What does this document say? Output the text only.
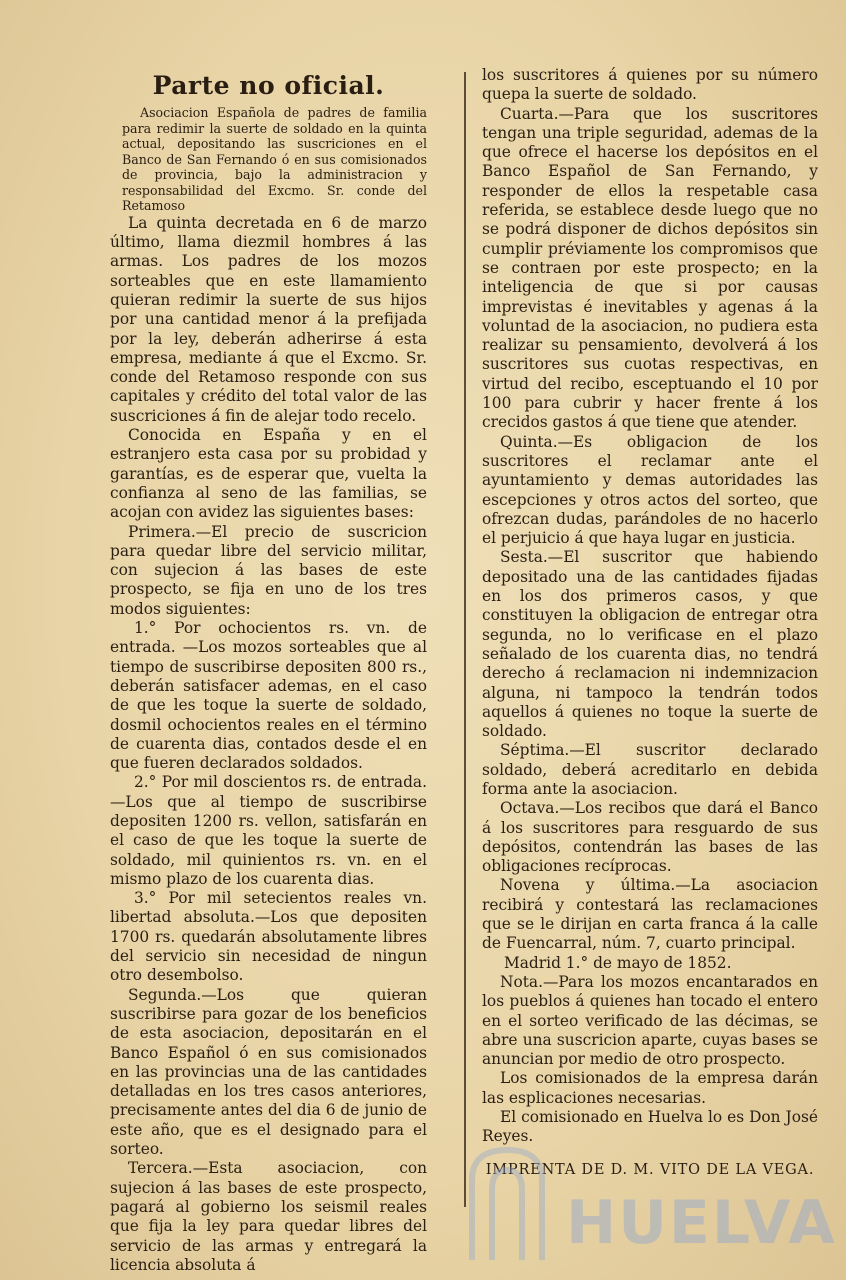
Parte no oficial.

Asociacion Española de padres de familia para redimir la suerte de soldado en la quinta actual, depositando las suscriciones en el Banco de San Fernando ó en sus comisionados de provincia, bajo la administracion y responsabilidad del Excmo. Sr. conde del Retamoso

La quinta decretada en 6 de marzo último, llama diezmil hombres á las armas. Los padres de los mozos sorteables que en este llamamiento quieran redimir la suerte de sus hijos por una cantidad menor á la prefijada por la ley, deberán adherirse á esta empresa, mediante á que el Excmo. Sr. conde del Retamoso responde con sus capitales y crédito del total valor de las suscriciones á fin de alejar todo recelo.

Conocida en España y en el estranjero esta casa por su probidad y garantías, es de esperar que, vuelta la confianza al seno de las familias, se acojan con avidez las siguientes bases:

Primera.—El precio de suscricion para quedar libre del servicio militar, con sujecion á las bases de este prospecto, se fija en uno de los tres modos siguientes:

1.° Por ochocientos rs. vn. de entrada. —Los mozos sorteables que al tiempo de suscribirse depositen 800 rs., deberán satisfacer ademas, en el caso de que les toque la suerte de soldado, dosmil ochocientos reales en el término de cuarenta dias, contados desde el en que fueren declarados soldados.

2.° Por mil doscientos rs. de entrada. —Los que al tiempo de suscribirse depositen 1200 rs. vellon, satisfarán en el caso de que les toque la suerte de soldado, mil quinientos rs. vn. en el mismo plazo de los cuarenta dias.

3.° Por mil setecientos reales vn. libertad absoluta.—Los que depositen 1700 rs. quedarán absolutamente libres del servicio sin necesidad de ningun otro desembolso.

Segunda.—Los que quieran suscribirse para gozar de los beneficios de esta asociacion, depositarán en el Banco Español ó en sus comisionados en las provincias una de las cantidades detalladas en los tres casos anteriores, precisamente antes del dia 6 de junio de este año, que es el designado para el sorteo.

Tercera.—Esta asociacion, con sujecion á las bases de este prospecto, pagará al gobierno los seismil reales que fija la ley para quedar libres del servicio de las armas y entregará la licencia absoluta á

los suscritores á quienes por su número quepa la suerte de soldado.

Cuarta.—Para que los suscritores tengan una triple seguridad, ademas de la que ofrece el hacerse los depósitos en el Banco Español de San Fernando, y responder de ellos la respetable casa referida, se establece desde luego que no se podrá disponer de dichos depósitos sin cumplir préviamente los compromisos que se contraen por este prospecto; en la inteligencia de que si por causas imprevistas é inevitables y agenas á la voluntad de la asociacion, no pudiera esta realizar su pensamiento, devolverá á los suscritores sus cuotas respectivas, en virtud del recibo, esceptuando el 10 por 100 para cubrir y hacer frente á los crecidos gastos á que tiene que atender.

Quinta.—Es obligacion de los suscritores el reclamar ante el ayuntamiento y demas autoridades las escepciones y otros actos del sorteo, que ofrezcan dudas, parándoles de no hacerlo el perjuicio á que haya lugar en justicia.

Sesta.—El suscritor que habiendo depositado una de las cantidades fijadas en los dos primeros casos, y que constituyen la obligacion de entregar otra segunda, no lo verificase en el plazo señalado de los cuarenta dias, no tendrá derecho á reclamacion ni indemnizacion alguna, ni tampoco la tendrán todos aquellos á quienes no toque la suerte de soldado.

Séptima.—El suscritor declarado soldado, deberá acreditarlo en debida forma ante la asociacion.

Octava.—Los recibos que dará el Banco á los suscritores para resguardo de sus depósitos, contendrán las bases de las obligaciones recíprocas.

Novena y última.—La asociacion recibirá y contestará las reclamaciones que se le dirijan en carta franca á la calle de Fuencarral, núm. 7, cuarto principal.

Madrid 1.° de mayo de 1852.

Nota.—Para los mozos encantarados en los pueblos á quienes han tocado el entero en el sorteo verificado de las décimas, se abre una suscricion aparte, cuyas bases se anuncian por medio de otro prospecto.

Los comisionados de la empresa darán las esplicaciones necesarias.

El comisionado en Huelva lo es Don José Reyes.

IMPRENTA DE D. M. VITO DE LA VEGA.
HUELVA
